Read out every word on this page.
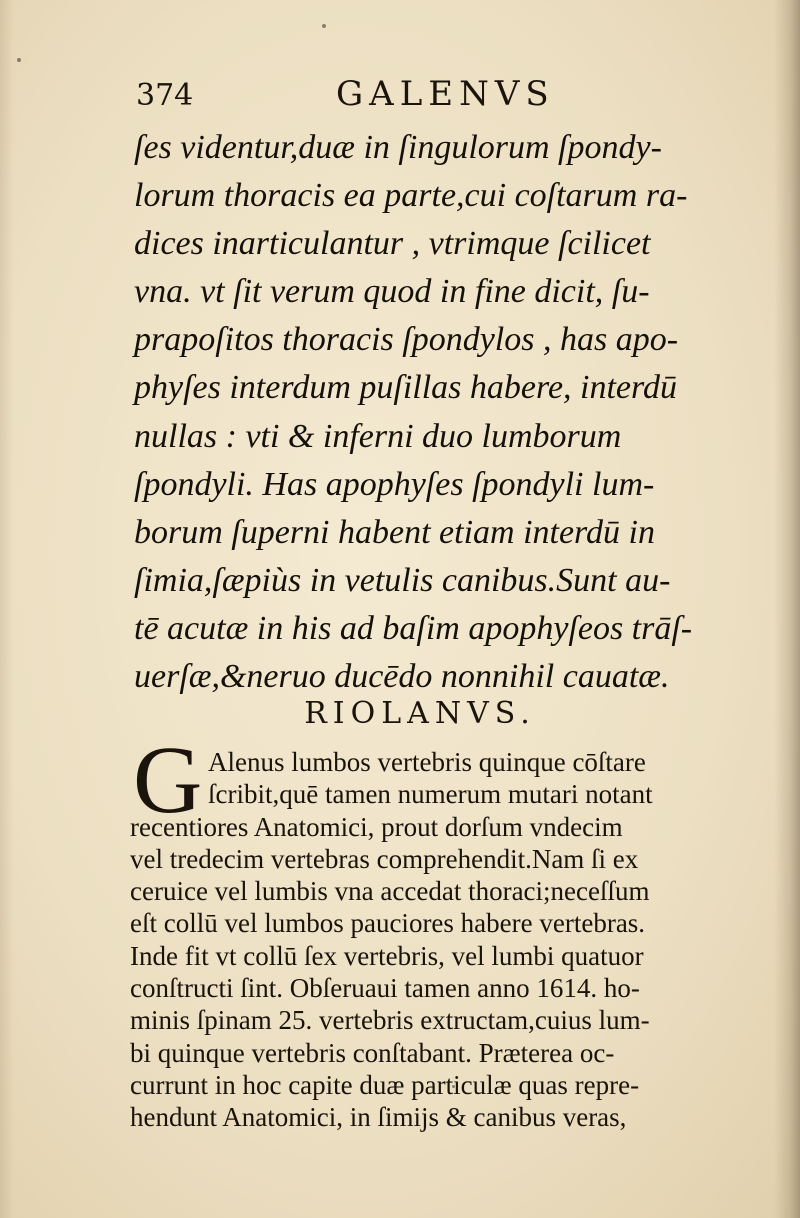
374	GALENVS
ſes videntur,duæ in ſingulorum ſpondy-
lorum thoracis ea parte,cui coſtarum ra-
dices inarticulantur , vtrimque ſcilicet
vna. vt ſit verum quod in fine dicit, ſu-
prapoſitos thoracis ſpondylos , has apo-
phyſes interdum puſillas habere, interdū
nullas : vti & inferni duo lumborum
ſpondyli. Has apophyſes ſpondyli lum-
borum ſuperni habent etiam interdū in
ſimia,ſæpiùs in vetulis canibus.Sunt au-
tē acutæ in his ad baſim apophyſeos trāſ-
uerſæ,&neruo ducēdo nonnihil cauatæ.
RIOLANVS.
G Alenus lumbos vertebris quinque cōſtare
ſcribit,quē tamen numerum mutari notant
recentiores Anatomici, prout dorſum vndecim
vel tredecim vertebras comprehendit.Nam ſi ex
ceruice vel lumbis vna accedat thoraci;neceſſum
eſt collū vel lumbos pauciores habere vertebras.
Inde fit vt collū ſex vertebris, vel lumbi quatuor
conſtructi ſint. Obſeruaui tamen anno 1614. ho-
minis ſpinam 25. vertebris extructam,cuius lum-
bi quinque vertebris conſtabant. Præterea oc-
currunt in hoc capite duæ particulæ quas repre-
hendunt Anatomici, in ſimijs & canibus veras,
